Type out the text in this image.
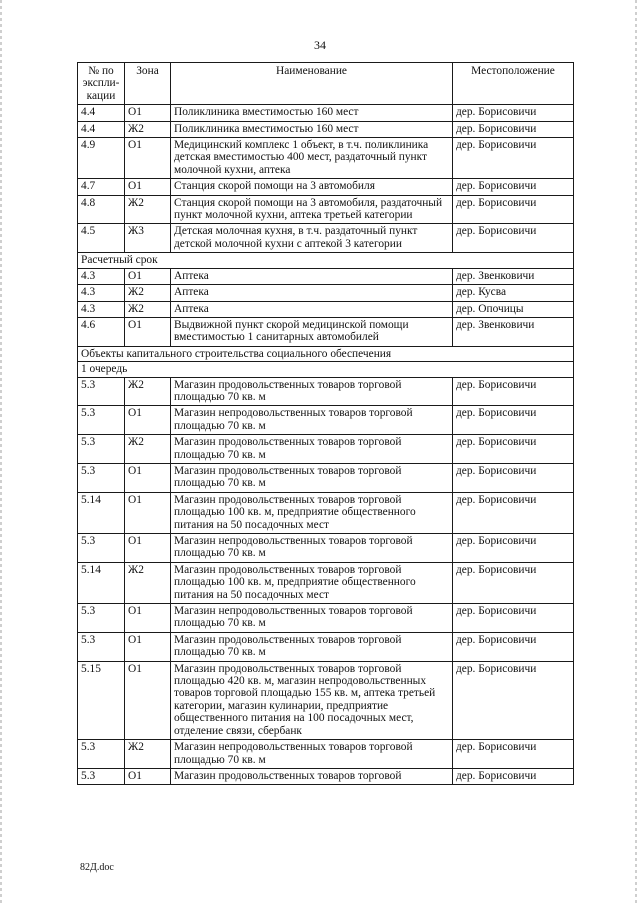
34
№ по экспликации	Зона	Наименование	Местоположение
4.4	О1	Поликлиника вместимостью 160 мест	дер. Борисовичи
4.4	Ж2	Поликлиника вместимостью 160 мест	дер. Борисовичи
4.9	О1	Медицинский комплекс 1 объект, в т.ч. поликлиника детская вместимостью 400 мест, раздаточный пункт молочной кухни, аптека	дер. Борисовичи
4.7	О1	Станция скорой помощи на 3 автомобиля	дер. Борисовичи
4.8	Ж2	Станция скорой помощи на 3 автомобиля, раздаточный пункт молочной кухни, аптека третьей категории	дер. Борисовичи
4.5	Ж3	Детская молочная кухня, в т.ч. раздаточный пункт детской молочной кухни с аптекой 3 категории	дер. Борисовичи
Расчетный срок			
4.3	О1	Аптека	дер. Звенковичи
4.3	Ж2	Аптека	дер. Кусва
4.3	Ж2	Аптека	дер. Опочицы
4.6	О1	Выдвижной пункт скорой медицинской помощи вместимостью 1 санитарных автомобилей	дер. Звенковичи
Объекты капитального строительства социального обеспечения			
1 очередь			
5.3	Ж2	Магазин продовольственных товаров торговой площадью 70 кв. м	дер. Борисовичи
5.3	О1	Магазин непродовольственных товаров торговой площадью 70 кв. м	дер. Борисовичи
5.3	Ж2	Магазин продовольственных товаров торговой площадью 70 кв. м	дер. Борисовичи
5.3	О1	Магазин продовольственных товаров торговой площадью 70 кв. м	дер. Борисовичи
5.14	О1	Магазин продовольственных товаров торговой площадью 100 кв. м, предприятие общественного питания на 50 посадочных мест	дер. Борисовичи
5.3	О1	Магазин непродовольственных товаров торговой площадью 70 кв. м	дер. Борисовичи
5.14	Ж2	Магазин продовольственных товаров торговой площадью 100 кв. м, предприятие общественного питания на 50 посадочных мест	дер. Борисовичи
5.3	О1	Магазин непродовольственных товаров торговой площадью 70 кв. м	дер. Борисовичи
5.3	О1	Магазин продовольственных товаров торговой площадью 70 кв. м	дер. Борисовичи
5.15	О1	Магазин продовольственных товаров торговой площадью 420 кв. м, магазин непродовольственных товаров торговой площадью 155 кв. м, аптека третьей категории, магазин кулинарии, предприятие общественного питания на 100 посадочных мест, отделение связи, сбербанк	дер. Борисовичи
5.3	Ж2	Магазин непродовольственных товаров торговой площадью 70 кв. м	дер. Борисовичи
5.3	О1	Магазин продовольственных товаров торговой	дер. Борисовичи
82Д.doc
